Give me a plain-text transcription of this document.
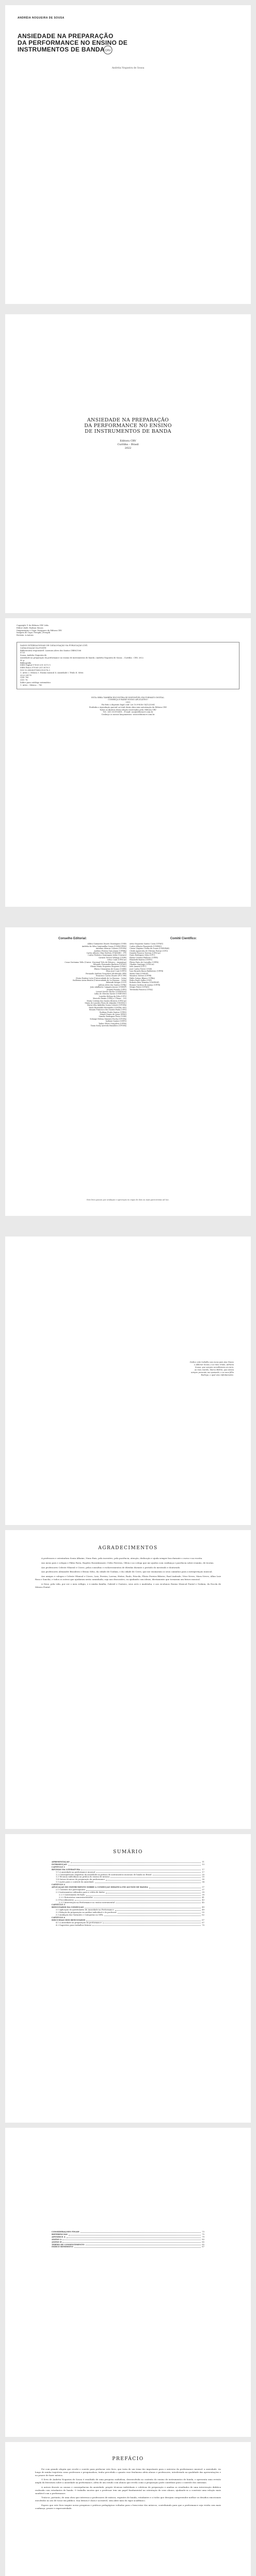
ANDRÉIA NOGUEIRA DE SOUSA
ANSIEDADE NA PREPARAÇÃO
DA PERFORMANCE NO ENSINO DE
INSTRUMENTOS DE BANDA CRV
Andréia Nogueira de Sousa
ANSIEDADE NA PREPARAÇÃO
DA PERFORMANCE NO ENSINO
DE INSTRUMENTOS DE BANDA
Editora CRV
Curitiba – Brasil
2022
Copyright © da Editora CRV Ltda.
Editor-chefe: Railson Moura
Diagramação e Capa: Designers da Editora CRV
Imagem de Capa: Freepik | Freepik
Revisão: A Autora
DADOS INTERNACIONAIS DE CATALOGAÇÃO NA PUBLICAÇÃO (CIP)
CATALOGAÇÃO NA FONTE
Bibliotecária responsável: Luzenira Alves dos Santos CRB9/1506
S725
Sousa, Andréia Nogueira de
Ansiedade na preparação da performance no ensino de instrumentos de banda / Andréia Nogueira de Sousa – Curitiba : CRV, 2022.
90 p.
Bibliografia
ISBN Digital 978-65-251-3072-5
ISBN Físico 978-65-251-3076-3
DOI 10.24824/978652513076.3
1. Artes 2. Música 3. Ensino musical 4. Ansiedade I. Título II. Série.
2022-28178
CDD 780
CDU 78
Índice para catálogo sistemático
1. Artes – Música – 780
ESTA OBRA TAMBÉM ENCONTRA-SE DISPONÍVEL EM FORMATO DIGITAL.
CONHEÇA E BAIXE NOSSO APLICATIVO!
2022
Foi feito o depósito legal conf. Lei 10.994 de 14/12/2004
Proibida a reprodução parcial ou total desta obra sem autorização da Editora CRV
Todos os direitos desta edição reservados pela: Editora CRV
Tel.: (41) 3039-6418 – E-mail: sac@editoracrv.com.br
Conheça os nossos lançamentos: www.editoracrv.com.br
Conselho Editorial:
Aldira Guimarães Duarte Domínguez (UNB)
Andréia da Silva Quintanilha Sousa (UNIR/UFRN)
Anselmo Alencar Colares (UFOPA)
Antônio Pereira Gaio Júnior (UFRRJ)
Carlos Alberto Vilar Estêvão (UMINHO – PT)
Carlos Federico Dominguez Avila (Unieuro)
Carmen Tereza Velanga (UNIR)
Celso Conti (UFSCar)
Cesar Gerónimo Tello (Univer .Nacional Três de Febrero – Argentina)
Eduardo Fernandes Barbosa (UFMG)
Elione Maria Nogueira Diogenes (UFAL)
Elizeu Clementino de Souza (UNEB)
Élsio José Corá (UFFS)
Fernando Antônio Gonçalves Alcoforado (IPB)
Francisco Carlos Duarte (PUC-PR)
Gloria Fariñas León (Universidade de La Havana – Cuba)
Guillermo Arias Beatón (Universidade de La Havana – Cuba)
Helmuth Krüger (UCP)
Jailson Alves dos Santos (UFRJ)
João Adalberto Campato Junior (UNESP)
Josania Portela (UFPI)
Leonel Severo Rocha (UNISINOS)
Lídia de Oliveira Xavier (UNIEURO)
Lourdes Helena da Silva (UFV)
Marcelo Paixão (UFRJ e UTexas – US)
Maria Cristina dos Santos Bezerra (UFSCar)
Maria de Lourdes Pinto de Almeida (UNOESC)
Maria Lília Imbiriba Sousa Colares (UFOPA)
Paulo Romualdo Hernandes (UNIFAL-MG)
Renato Francisco dos Santos Paula (UFG)
Rodrigo Pratte-Santos (UFES)
Sérgio Nunes de Jesus (IFRO)
Simone Rodrigues Pinto (UNB)
Solange Helena Ximenes-Rocha (UFOPA)
Sydione Santos (UEPG)
Tadeu Oliver Gonçalves (UFPA)
Tania Suely Azevedo Brasileiro (UFOPA)
Comitê Científico:
Artur Nogueira Santos Costa (UFMG)
Carlos Alberto Figueiredo (UNIRIO)
Cássia Virgínia Coelho de Souza (UNESPAR)
Cleide Aparecida de Oliveira Ferrari (UFG)
Daniela Fonseca Torrens (UFSCar)
Dario Rodrigues Silva (UFU)
Eliane Cristina Pinheiro (UFPR)
Elizabeth Bairros (UEPG)
Flávia Pinto de Carvalho (UFPR)
Glauber Santiago (UFSCar)
Inês Amaral (UFU)
José Carlos Freire (UNB)
Luiz Ricardo Basso Ballestero (UFPR)
Maria Gatti (UNESP)
Mauricio Dottori (UFPR)
Pablo Sotuyo Blanco (UFBA)
Pedro Paulo Salles (USP)
Roberto Reis Teixeira (UNIFESP)
Rosane Cardoso de Araújo (UFPR)
Sérgio Freire (UFMG)
Terezinha Fonseca (UFAL)
Este livro passou por avaliação e aprovação às cegas de dois ou mais pareceristas ad hoc.
Dedico este trabalho aos meus pais Ana Naves
e Aldenor Sousa, e ao meu irmão, Adriano
Sousa, que sempre acreditaram em mim,
ao meu marido, Marco Bellini, que estava
sempre presente me apoiando, e ao meu filho
Rodrigo, o qual amo infinitamente.
AGRADECIMENTOS

A professora e orientadora Sonia Albaine, Nuno Ruiz, pela incentivo, pela paciência, atenção, dedicação e ajuda sempre boa durante o curso e na escrita.

Aos meus pais e colegas e Fábio Paiva, Rogério Rosenkranzer, Clelio Ferreira, Olívia e ao colega que me ajudou com confiança e paciência sobre reunião, de teorias.

Aos professores Celeste Nhiaval e Cícero, pelas consultas e esclarecimentos de dúvidas durante o período do mestrado e doutorado.

Aos professores Alexandre Brasileiro e Bruno Silva, da cidade de Goiânia, e da cidade de Ceres, que me ensinaram os seus caminhos para a interpretação musical.

Aos amigos e colegas e Celeste Nhiaval e Cícero, Luiz, Pereira, Lorena, Heitor, Paulo, Priscila, Flávio Pereira Ribeiro, Raul Andrade, Vitor Neves, Mara Neves, Allan Luiz Rosa e Sancha, e todos os outros que ajudaram nesta caminhada, seja nas discussões, ou ajudando com ideias, diretamente que tornaram um futuro musical.

A Deus, pela vida, por ser o meu refúgio, e à minha família, Gabriel e Gustavo, seus avós e madrinha, e aos ex-alunos Ensino Musical Pontal e Goiânia, da Escola de Música Pontal.

SUMÁRIO
APRESENTAÇÃO	11
INTRODUÇÃO	13
CAPÍTULO 1
REVISÃO DA LITERATURA	17
1.1 A ansiedade na performance musical	17
1.2 Consequências negativas da ansiedade na prática de instrumentos musicais de banda no Brasil	20
1.3 Técnicas individuais na prática do ensino de música	25
1.4 Outras técnicas de preparação da performance	30
1.5 Ações para o controle da ansiedade	34
CAPÍTULO 2
APLICAÇÃO DO INSTRUMENTO SOBRE A CONDUÇÃO DIDÁTICA EM ALUNOS DE BANDA	37
2.1 Contexto dos participantes	37
2.2 Instrumentos utilizados para a coleta de dados	39
2.2.1 Questionário fechado	39
2.2.2 Entrevistas semiestruturadas	41
2.3 Procedimentos	43
2.3.1 Intervenção na Performance no ensino instrumental	45
CAPÍTULO 3
RESULTADOS DA CONDUÇÃO	49
3.1 Aplicação do questionário de Ansiedade na Performance	49
3.2 Relação da preparação na análise individual e do professor	55
3.3 Avaliação das Variantes e Categorias no MPA	62
CAPÍTULO 4
DISCUSSÃO DOS RESULTADOS	67
4.1 A ansiedade na preparação da performance	67
4.2 Sugestões para trabalhos futuros	70
CONSIDERAÇÕES FINAIS	73
REFERÊNCIAS	75
APÊNDICE A	79
ANEXO A	83
ANEXO B	85
TERMO DE CONSENTIMENTO	85
ÍNDICE REMISSIVO	87
PREFÁCIO

Foi com grande alegria que recebi o convite para prefaciar este livro, que trata de um tema tão importante para o universo da performance musical: a ansiedade. Ao longo de minha trajetória como professora e pesquisadora, tenho percebido o quanto esse fenômeno afeta alunos e professores, interferindo na qualidade das apresentações e no prazer de fazer música.

O livro de Andréia Nogueira de Sousa é resultado de uma pesquisa cuidadosa, desenvolvida no contexto do ensino de instrumentos de banda, e apresenta uma revisão ampla da literatura sobre a ansiedade na performance, além de um estudo com alunos que revela como a preparação pode contribuir para o controle dos sintomas.

A autora discute as causas e consequências da ansiedade, propõe técnicas individuais e coletivas de preparação e analisa os resultados de uma intervenção didática realizada com estudantes de banda. O trabalho mostra que o professor tem um papel fundamental na orientação de seus alunos, ajudando-os a construir uma relação mais saudável com a performance.

Trata-se, portanto, de uma obra que interessa a professores de música, regentes de banda, estudantes e a todos que desejam compreender melhor os desafios emocionais envolvidos no ato de tocar em público. Sua leitura é clara e acessível, sem abrir mão do rigor acadêmico.

Espero que este livro inspire novas pesquisas e práticas pedagógicas voltadas para o bem-estar dos músicos, contribuindo para que a performance seja vivida com mais confiança, prazer e expressividade.
